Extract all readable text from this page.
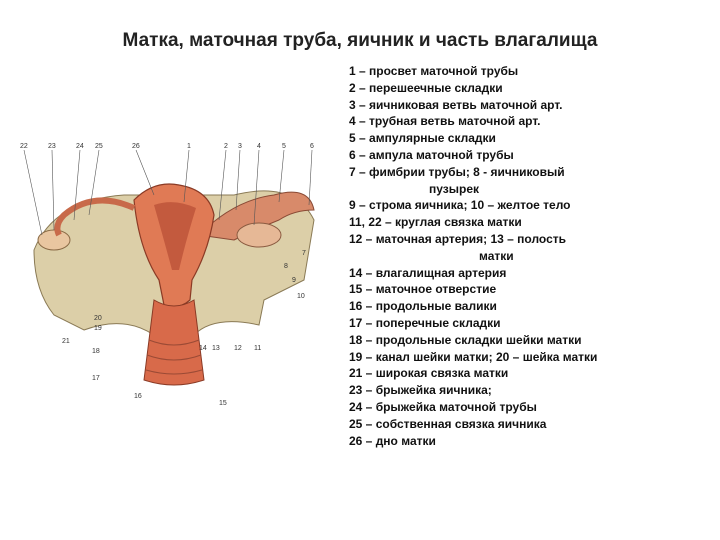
Матка, маточная труба, яичник и часть влагалища
22	23	24 25	26	1	2 3 4	5	6
7
8
9
10
11
12
13
14
15
16
20
19
21
18
17
1 – просвет маточной трубы
2 – перешеечные складки
3 – яичниковая ветвь маточной арт.
4 – трубная ветвь маточной арт.
5 – ампулярные складки
6 – ампула маточной трубы
7 – фимбрии трубы; 8 - яичниковый
пузырек
9 – строма яичника; 10 – желтое тело
11, 22 – круглая связка матки
12 – маточная артерия; 13 – полость
матки
14 – влагалищная артерия
15 – маточное отверстие
16 – продольные валики
17 – поперечные складки
18 – продольные складки шейки матки
19 – канал шейки матки; 20 – шейка матки
21 – широкая связка матки
23 – брыжейка яичника;
24 – брыжейка маточной трубы
25 – собственная связка яичника
26 – дно матки
